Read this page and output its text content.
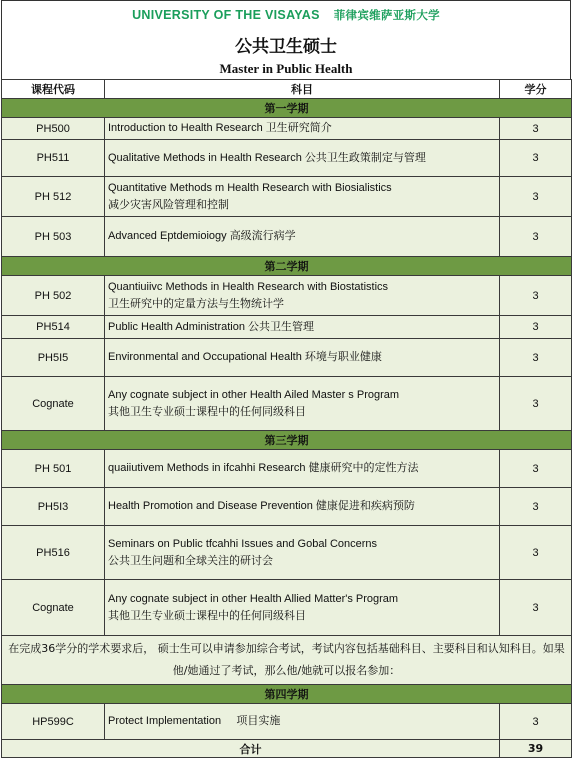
UNIVERSITY OF THE VISAYAS 菲律宾维萨亚斯大学
公共卫生硕士
Master in Public Health
课程代码	科目	学分
第一学期		
PH500	Introduction to Health Research 卫生研究简介	3
PH511	Qualitative Methods in Health Research 公共卫生政策制定与管理	3
PH 512	Quantitative Methods m Health Research with Biosialistics
减少灾害风险管理和控制	3
PH 503	Advanced Eptdemioiogy 高级流行病学	3
第二学期		
PH 502	Quantiuiivc Methods in Health Research with Biostatistics
卫生研究中的定量方法与生物统计学	3
PH514	Public Health Administration 公共卫生管理	3
PH5I5	Environmental and Occupational Health 环境与职业健康	3
Cognate	Any cognate subject in other Health Ailed Master s Program
其他卫生专业硕士课程中的任何同级科目	3
第三学期		
PH 501	quaiiutivem Methods in ifcahhi Research 健康研究中的定性方法	3
PH5I3	Health Promotion and Disease Prevention 健康促进和疾病预防	3
PH516	Seminars on Public tfcahhi Issues and Gobal Concerns
公共卫生问题和全球关注的研讨会	3
Cognate	Any cognate subject in other Health Allied Matter's Program
其他卫生专业硕士课程中的任何同级科目	3
在完成36学分的学术要求后， 硕士生可以申请参加综合考试，考试内容包括基础科目、主要科目和认知科目。如果他/她通过了考试，那么他/她就可以报名参加：		
第四学期		
HP599C	Protect Implementation     项目实施	3
合计		39
